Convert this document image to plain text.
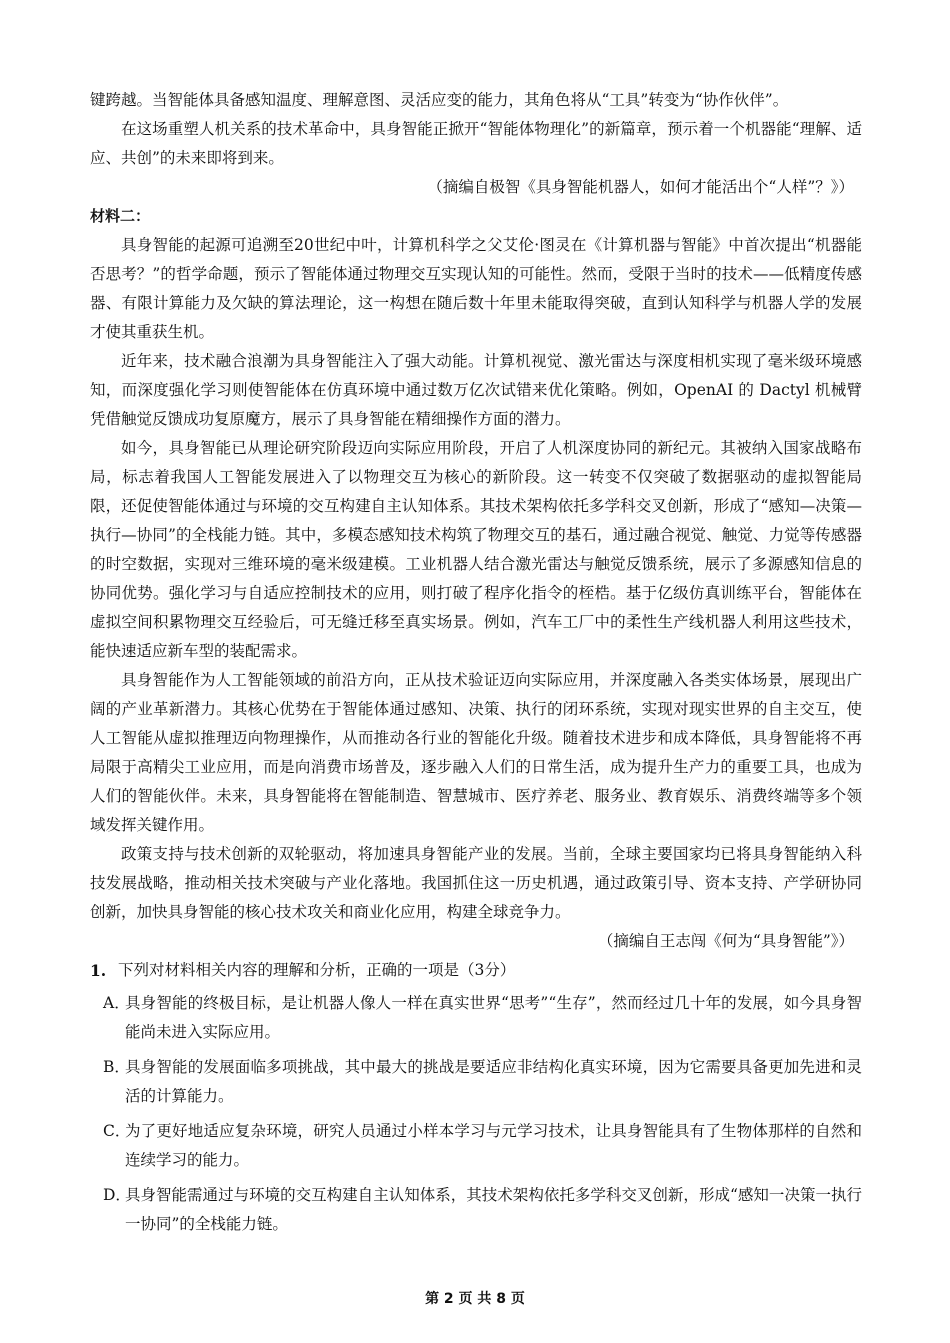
键跨越。当智能体具备感知温度、理解意图、灵活应变的能力，其角色将从“工具”转变为“协作伙伴”。

在这场重塑人机关系的技术革命中，具身智能正掀开“智能体物理化”的新篇章，预示着一个机器能“理解、适应、共创”的未来即将到来。

（摘编自极智《具身智能机器人，如何才能活出个“人样”？》）

材料二：

具身智能的起源可追溯至20世纪中叶，计算机科学之父艾伦·图灵在《计算机器与智能》中首次提出“机器能否思考？”的哲学命题，预示了智能体通过物理交互实现认知的可能性。然而，受限于当时的技术——低精度传感器、有限计算能力及欠缺的算法理论，这一构想在随后数十年里未能取得突破，直到认知科学与机器人学的发展才使其重获生机。

近年来，技术融合浪潮为具身智能注入了强大动能。计算机视觉、激光雷达与深度相机实现了毫米级环境感知，而深度强化学习则使智能体在仿真环境中通过数万亿次试错来优化策略。例如，OpenAI 的 Dactyl 机械臂凭借触觉反馈成功复原魔方，展示了具身智能在精细操作方面的潜力。

如今，具身智能已从理论研究阶段迈向实际应用阶段，开启了人机深度协同的新纪元。其被纳入国家战略布局，标志着我国人工智能发展进入了以物理交互为核心的新阶段。这一转变不仅突破了数据驱动的虚拟智能局限，还促使智能体通过与环境的交互构建自主认知体系。其技术架构依托多学科交叉创新，形成了“感知—决策—执行—协同”的全栈能力链。其中，多模态感知技术构筑了物理交互的基石，通过融合视觉、触觉、力觉等传感器的时空数据，实现对三维环境的毫米级建模。工业机器人结合激光雷达与触觉反馈系统，展示了多源感知信息的协同优势。强化学习与自适应控制技术的应用，则打破了程序化指令的桎梏。基于亿级仿真训练平台，智能体在虚拟空间积累物理交互经验后，可无缝迁移至真实场景。例如，汽车工厂中的柔性生产线机器人利用这些技术，能快速适应新车型的装配需求。

具身智能作为人工智能领域的前沿方向，正从技术验证迈向实际应用，并深度融入各类实体场景，展现出广阔的产业革新潜力。其核心优势在于智能体通过感知、决策、执行的闭环系统，实现对现实世界的自主交互，使人工智能从虚拟推理迈向物理操作，从而推动各行业的智能化升级。随着技术进步和成本降低，具身智能将不再局限于高精尖工业应用，而是向消费市场普及，逐步融入人们的日常生活，成为提升生产力的重要工具，也成为人们的智能伙伴。未来，具身智能将在智能制造、智慧城市、医疗养老、服务业、教育娱乐、消费终端等多个领域发挥关键作用。

政策支持与技术创新的双轮驱动，将加速具身智能产业的发展。当前，全球主要国家均已将具身智能纳入科技发展战略，推动相关技术突破与产业化落地。我国抓住这一历史机遇，通过政策引导、资本支持、产学研协同创新，加快具身智能的核心技术攻关和商业化应用，构建全球竞争力。

（摘编自王志闯《何为“具身智能”》）

1. 下列对材料相关内容的理解和分析，正确的一项是（3分）

A．
具身智能的终极目标，是让机器人像人一样在真实世界“思考”“生存”，然而经过几十年的发展，如今具身智能尚未进入实际应用。

B．
具身智能的发展面临多项挑战，其中最大的挑战是要适应非结构化真实环境，因为它需要具备更加先进和灵活的计算能力。

C．
为了更好地适应复杂环境，研究人员通过小样本学习与元学习技术，让具身智能具有了生物体那样的自然和连续学习的能力。

D．
具身智能需通过与环境的交互构建自主认知体系，其技术架构依托多学科交叉创新，形成“感知一决策一执行一协同”的全栈能力链。

第 2 页 共 8 页
